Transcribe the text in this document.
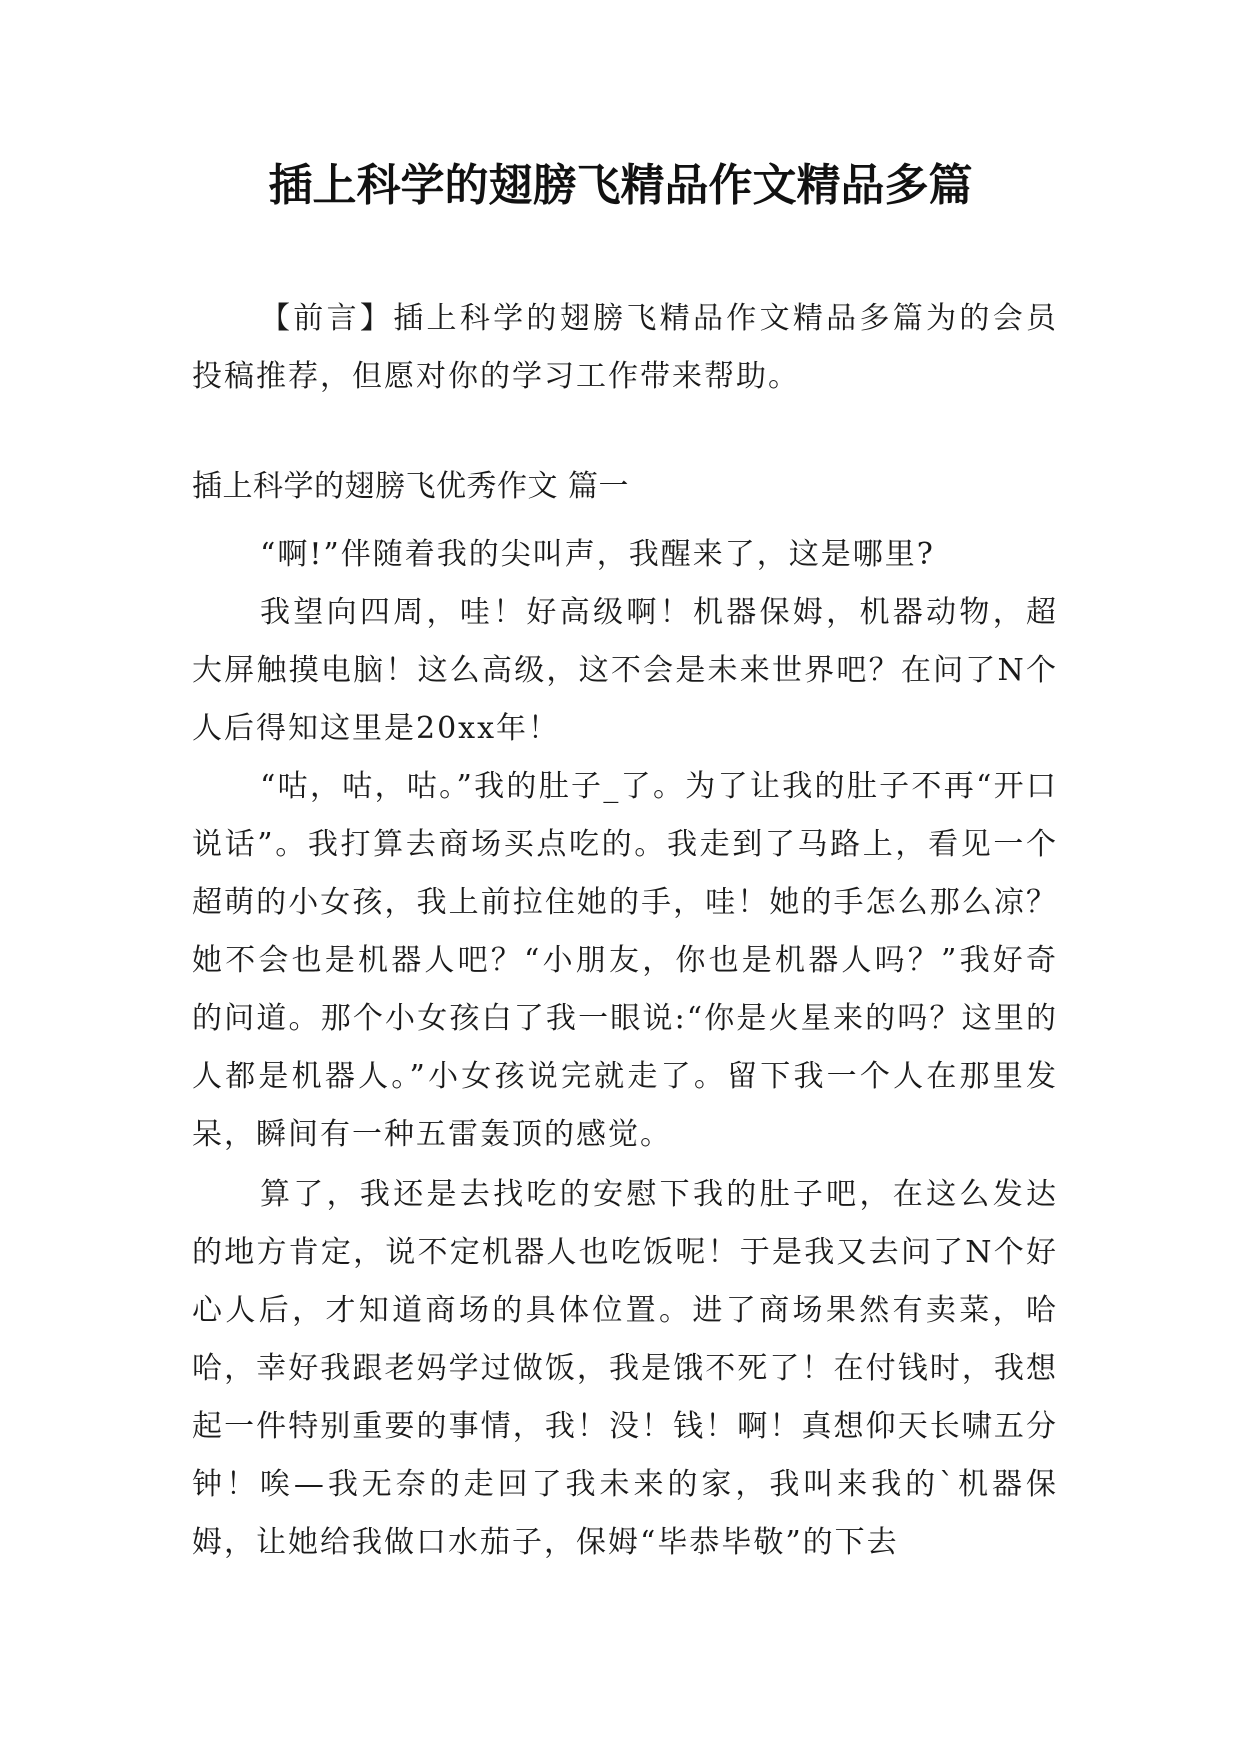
插上科学的翅膀飞精品作文精品多篇

【前言】插上科学的翅膀飞精品作文精品多篇为的会员投稿推荐，但愿对你的学习工作带来帮助。

插上科学的翅膀飞优秀作文 篇一

“啊!”伴随着我的尖叫声，我醒来了，这是哪里?

我望向四周，哇！好高级啊！机器保姆，机器动物，超大屏触摸电脑！这么高级，这不会是未来世界吧？在问了N个人后得知这里是20xx年！

“咕，咕，咕。”我的肚子_了。为了让我的肚子不再“开口说话”。我打算去商场买点吃的。我走到了马路上，看见一个超萌的小女孩，我上前拉住她的手，哇！她的手怎么那么凉？她不会也是机器人吧？“小朋友，你也是机器人吗？”我好奇的问道。那个小女孩白了我一眼说:“你是火星来的吗？这里的人都是机器人。”小女孩说完就走了。留下我一个人在那里发呆，瞬间有一种五雷轰顶的感觉。

算了，我还是去找吃的安慰下我的肚子吧，在这么发达的地方肯定，说不定机器人也吃饭呢！于是我又去问了N个好心人后，才知道商场的具体位置。进了商场果然有卖菜，哈哈，幸好我跟老妈学过做饭，我是饿不死了！在付钱时，我想起一件特别重要的事情，我！没！钱！啊！真想仰天长啸五分钟！唉—我无奈的走回了我未来的家，我叫来我的`机器保姆，让她给我做口水茄子，保姆“毕恭毕敬”的下去
